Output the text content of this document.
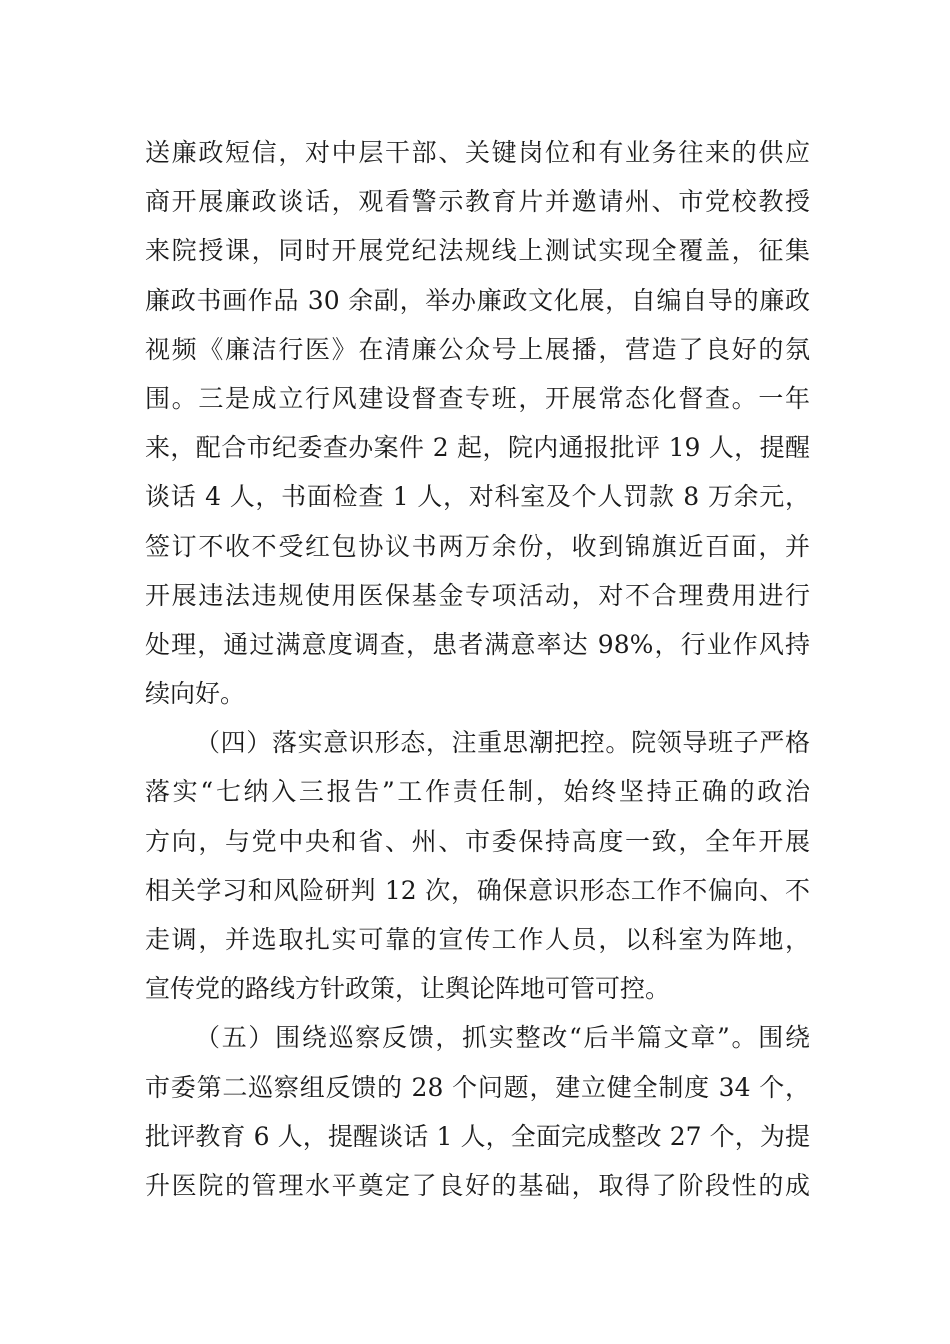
送廉政短信，对中层干部、关键岗位和有业务往来的供应
商开展廉政谈话，观看警示教育片并邀请州、市党校教授
来院授课，同时开展党纪法规线上测试实现全覆盖，征集
廉政书画作品 30 余副，举办廉政文化展，自编自导的廉政
视频《廉洁行医》在清廉公众号上展播，营造了良好的氛
围。三是成立行风建设督查专班，开展常态化督查。一年
来，配合市纪委查办案件 2 起，院内通报批评 19 人，提醒
谈话 4 人，书面检查 1 人，对科室及个人罚款 8 万余元，
签订不收不受红包协议书两万余份，收到锦旗近百面，并
开展违法违规使用医保基金专项活动，对不合理费用进行
处理，通过满意度调查，患者满意率达 98%，行业作风持
续向好。
（四）落实意识形态，注重思潮把控。院领导班子严格
落实“七纳入三报告”工作责任制，始终坚持正确的政治
方向，与党中央和省、州、市委保持高度一致，全年开展
相关学习和风险研判 12 次，确保意识形态工作不偏向、不
走调，并选取扎实可靠的宣传工作人员，以科室为阵地，
宣传党的路线方针政策，让舆论阵地可管可控。
（五）围绕巡察反馈，抓实整改“后半篇文章”。围绕
市委第二巡察组反馈的 28 个问题，建立健全制度 34 个，
批评教育 6 人，提醒谈话 1 人，全面完成整改 27 个，为提
升医院的管理水平奠定了良好的基础，取得了阶段性的成
